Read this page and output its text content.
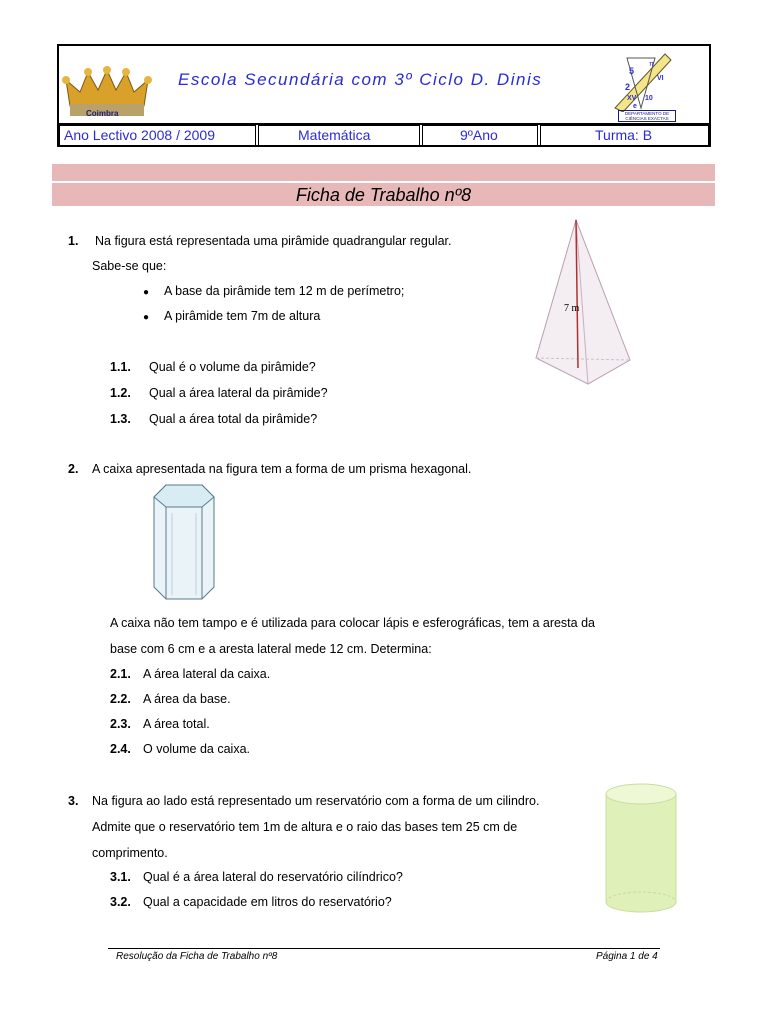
Coimbra
Escola Secundária com 3º Ciclo D. Dinis	5
2
π
VI
XV 10
e
DEPARTAMENTO DE CIÊNCIAS EXACTAS
Ano Lectivo 2008 / 2009	Matemática	9ºAno	Turma: B
Ficha de Trabalho nº8
1. Na figura está representada uma pirâmide quadrangular regular.
Sabe-se que:
● A base da pirâmide tem 12 m de perímetro;
● A pirâmide tem 7m de altura
1.1. Qual é o volume da pirâmide?
1.2. Qual a área lateral da pirâmide?
1.3. Qual a área total da pirâmide?
7 m
2. A caixa apresentada na figura tem a forma de um prisma hexagonal.
A caixa não tem tampo e é utilizada para colocar lápis e esferográficas, tem a aresta da
base com 6 cm e a aresta lateral mede 12 cm. Determina:
2.1. A área lateral da caixa.
2.2. A área da base.
2.3. A área total.
2.4. O volume da caixa.
3. Na figura ao lado está representado um reservatório com a forma de um cilindro.
Admite que o reservatório tem 1m de altura e o raio das bases tem 25 cm de
comprimento.
3.1. Qual é a área lateral do reservatório cilíndrico?
3.2. Qual a capacidade em litros do reservatório?
Resolução da Ficha de Trabalho nº8	Página 1 de 4
